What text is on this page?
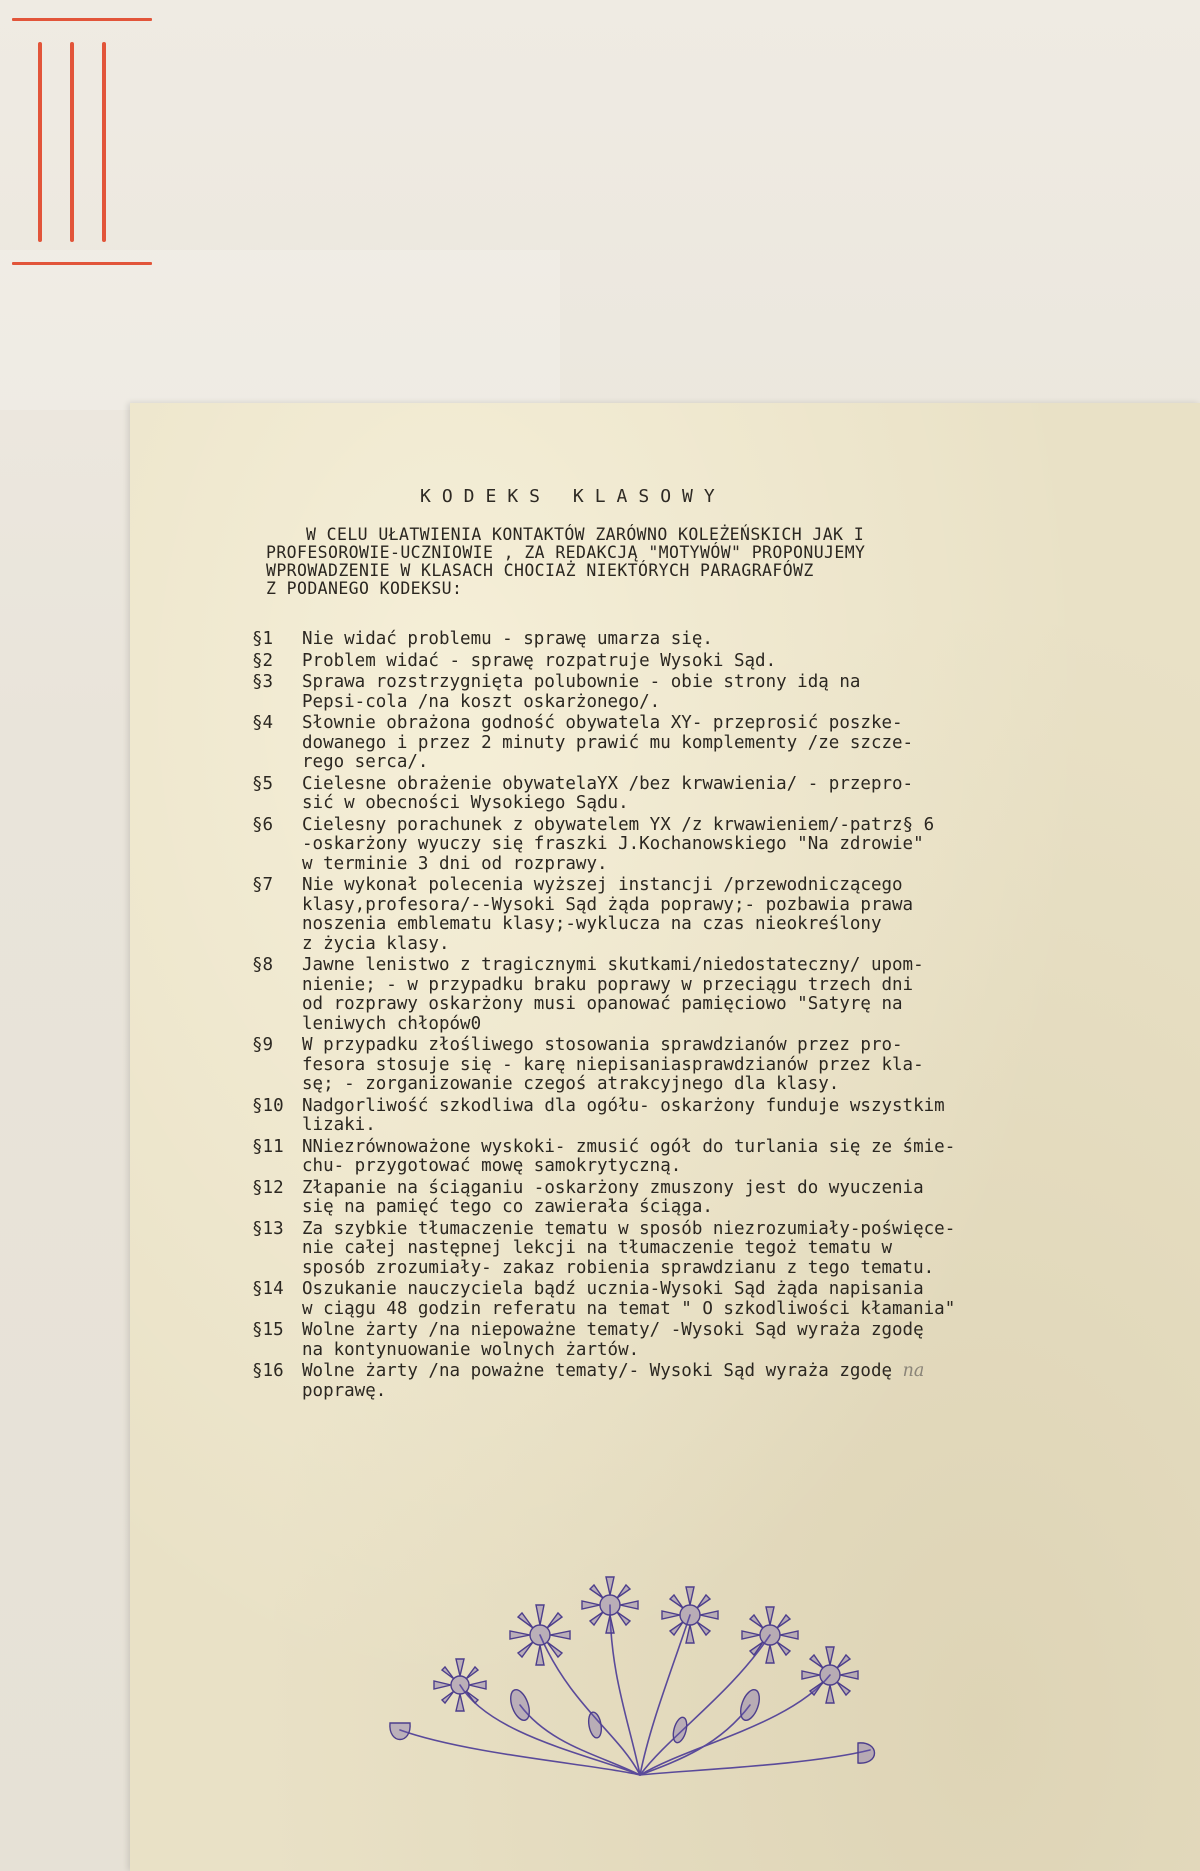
KODEKS KLASOWY
W CELU UŁATWIENIA KONTAKTÓW ZARÓWNO KOLEŻEŃSKICH JAK I
PROFESOROWIE-UCZNIOWIE , ZA REDAKCJĄ "MOTYWÓW" PROPONUJEMY
WPROWADZENIE W KLASACH CHOCIAŻ NIEKTÓRYCH PARAGRAFÓWZ
Z PODANEGO KODEKSU:
§1	Nie widać problemu - sprawę umarza się.
§2	Problem widać - sprawę rozpatruje Wysoki Sąd.
§3	Sprawa rozstrzygnięta polubownie - obie strony idą na
Pepsi-cola /na koszt oskarżonego/.
§4	Słownie obrażona godność obywatela XY- przeprosić poszke-
dowanego i przez 2 minuty prawić mu komplementy /ze szcze-
rego serca/.
§5	Cielesne obrażenie obywatelaYX /bez krwawienia/ - przepro-
sić w obecności Wysokiego Sądu.
§6	Cielesny porachunek z obywatelem YX /z krwawieniem/-patrz§ 6
-oskarżony wyuczy się fraszki J.Kochanowskiego "Na zdrowie"
w terminie 3 dni od rozprawy.
§7	Nie wykonał polecenia wyższej instancji /przewodniczącego
klasy,profesora/--Wysoki Sąd żąda poprawy;- pozbawia prawa
noszenia emblematu klasy;-wyklucza na czas nieokreślony
z życia klasy.
§8	Jawne lenistwo z tragicznymi skutkami/niedostateczny/ upom-
nienie; - w przypadku braku poprawy w przeciągu trzech dni
od rozprawy oskarżony musi opanować pamięciowo "Satyrę na
leniwych chłopów0
§9	W przypadku złośliwego stosowania sprawdzianów przez pro-
fesora stosuje się - karę niepisaniasprawdzianów przez kla-
sę; - zorganizowanie czegoś atrakcyjnego dla klasy.
§10	Nadgorliwość szkodliwa dla ogółu- oskarżony funduje wszystkim
lizaki.
§11	NNiezrównoważone wyskoki- zmusić ogół do turlania się ze śmie-
chu- przygotować mowę samokrytyczną.
§12	Złapanie na ściąganiu -oskarżony zmuszony jest do wyuczenia
się na pamięć tego co zawierała ściąga.
§13	Za szybkie tłumaczenie tematu w sposób niezrozumiały-poświęce-
nie całej następnej lekcji na tłumaczenie tegoż tematu w
sposób zrozumiały- zakaz robienia sprawdzianu z tego tematu.
§14	Oszukanie nauczyciela bądź ucznia-Wysoki Sąd żąda napisania
w ciągu 48 godzin referatu na temat " O szkodliwości kłamania"
§15	Wolne żarty /na niepoważne tematy/ -Wysoki Sąd wyraża zgodę
na kontynuowanie wolnych żartów.
§16	Wolne żarty /na poważne tematy/- Wysoki Sąd wyraża zgodę na
poprawę.
